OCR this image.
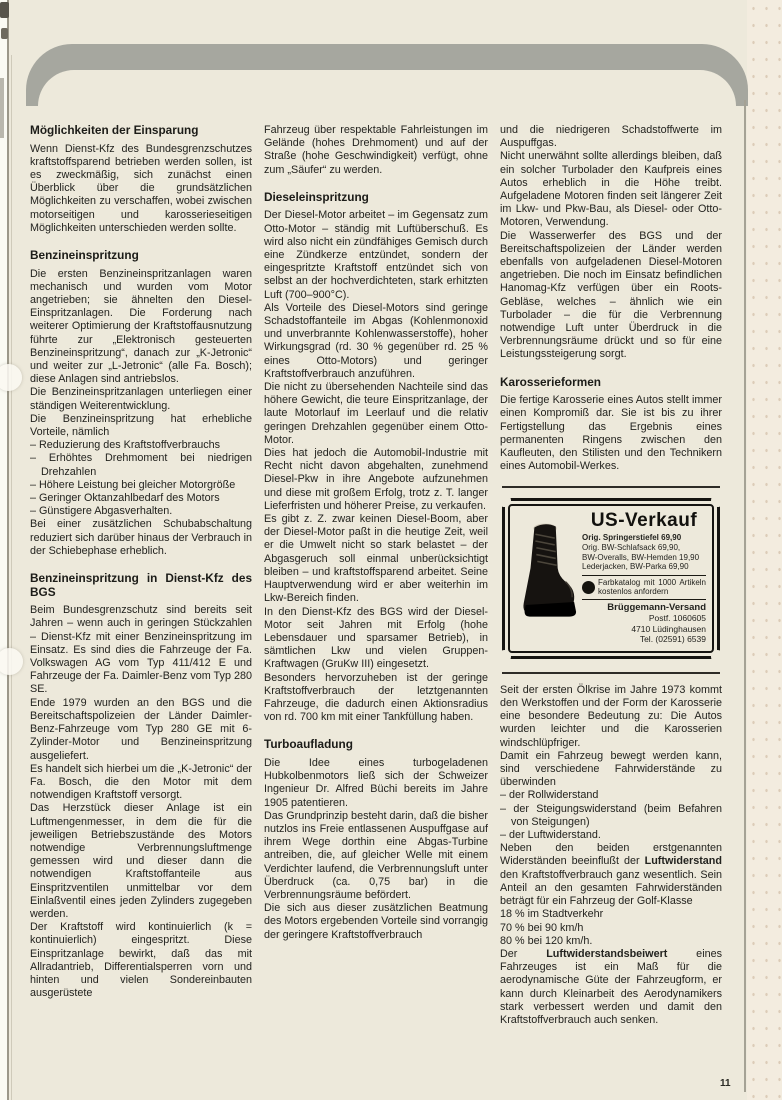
Möglichkeiten der Einsparung

Wenn Dienst-Kfz des Bundesgrenzschutzes kraftstoffsparend betrieben werden sollen, ist es zweckmäßig, sich zunächst einen Überblick über die grundsätzlichen Möglichkeiten zu verschaffen, wobei zwischen motorseitigen und karosserieseitigen Möglichkeiten unterschieden werden sollte.

Benzineinspritzung

Die ersten Benzineinspritzanlagen waren mechanisch und wurden vom Motor angetrieben; sie ähnelten den Diesel-Einspritzanlagen. Die Forderung nach weiterer Optimierung der Kraftstoffausnutzung führte zur „Elektronisch gesteuerten Benzineinspritzung“, danach zur „K-Jetronic“ und weiter zur „L-Jetronic“ (alle Fa. Bosch); diese Anlagen sind antriebslos.

Die Benzineinspritzanlagen unterliegen einer ständigen Weiterentwicklung.

Die Benzineinspritzung hat erhebliche Vorteile, nämlich

– Reduzierung des Kraftstoffverbrauchs

– Erhöhtes Drehmoment bei niedrigen Drehzahlen

– Höhere Leistung bei gleicher Motorgröße

– Geringer Oktanzahlbedarf des Motors

– Günstigere Abgasverhalten.

Bei einer zusätzlichen Schubabschaltung reduziert sich darüber hinaus der Verbrauch in der Schiebephase erheblich.

Benzineinspritzung in Dienst-Kfz des BGS

Beim Bundesgrenzschutz sind bereits seit Jahren – wenn auch in geringen Stückzahlen – Dienst-Kfz mit einer Benzineinspritzung im Einsatz. Es sind dies die Fahrzeuge der Fa. Volkswagen AG vom Typ 411/412 E und Fahrzeuge der Fa. Daimler-Benz vom Typ 280 SE.

Ende 1979 wurden an den BGS und die Bereitschaftspolizeien der Länder Daimler-Benz-Fahrzeuge vom Typ 280 GE mit 6-Zylinder-Motor und Benzineinspritzung ausgeliefert.

Es handelt sich hierbei um die „K-Jetronic“ der Fa. Bosch, die den Motor mit dem notwendigen Kraftstoff versorgt.

Das Herzstück dieser Anlage ist ein Luftmengenmesser, in dem die für die jeweiligen Betriebszustände des Motors notwendige Verbrennungsluftmenge gemessen wird und dieser dann die notwendigen Kraftstoffanteile aus Einspritzventilen unmittelbar vor dem Einlaßventil eines jeden Zylinders zugegeben werden.

Der Kraftstoff wird kontinuierlich (k = kontinuierlich) eingespritzt. Diese Einspritzanlage bewirkt, daß das mit Allradantrieb, Differentialsperren vorn und hinten und vielen Sondereinbauten ausgerüstete

Fahrzeug über respektable Fahrleistungen im Gelände (hohes Drehmoment) und auf der Straße (hohe Geschwindigkeit) verfügt, ohne zum „Säufer“ zu werden.

Dieseleinspritzung

Der Diesel-Motor arbeitet – im Gegensatz zum Otto-Motor – ständig mit Luftüberschuß. Es wird also nicht ein zündfähiges Gemisch durch eine Zündkerze entzündet, sondern der eingespritzte Kraftstoff entzündet sich von selbst an der hochverdichteten, stark erhitzten Luft (700–900°C).

Als Vorteile des Diesel-Motors sind geringe Schadstoffanteile im Abgas (Kohlenmonoxid und unverbrannte Kohlenwasserstoffe), hoher Wirkungsgrad (rd. 30 % gegenüber rd. 25 % eines Otto-Motors) und geringer Kraftstoffverbrauch anzuführen.

Die nicht zu übersehenden Nachteile sind das höhere Gewicht, die teure Einspritzanlage, der laute Motorlauf im Leerlauf und die relativ geringen Drehzahlen gegenüber einem Otto-Motor.

Dies hat jedoch die Automobil-Industrie mit Recht nicht davon abgehalten, zunehmend Diesel-Pkw in ihre Angebote aufzunehmen und diese mit großem Erfolg, trotz z. T. langer Lieferfristen und höherer Preise, zu verkaufen.

Es gibt z. Z. zwar keinen Diesel-Boom, aber der Diesel-Motor paßt in die heutige Zeit, weil er die Umwelt nicht so stark belastet – der Abgasgeruch soll einmal unberücksichtigt bleiben – und kraftstoffsparend arbeitet. Seine Hauptverwendung wird er aber weiterhin im Lkw-Bereich finden.

In den Dienst-Kfz des BGS wird der Diesel-Motor seit Jahren mit Erfolg (hohe Lebensdauer und sparsamer Betrieb), in sämtlichen Lkw und vielen Gruppen-Kraftwagen (GruKw III) eingesetzt.

Besonders hervorzuheben ist der geringe Kraftstoffverbrauch der letztgenannten Fahrzeuge, die dadurch einen Aktionsradius von rd. 700 km mit einer Tankfüllung haben.

Turboaufladung

Die Idee eines turbogeladenen Hubkolbenmotors ließ sich der Schweizer Ingenieur Dr. Alfred Büchi bereits im Jahre 1905 patentieren.

Das Grundprinzip besteht darin, daß die bisher nutzlos ins Freie entlassenen Auspuffgase auf ihrem Wege dorthin eine Abgas-Turbine antreiben, die, auf gleicher Welle mit einem Verdichter laufend, die Verbrennungsluft unter Überdruck (ca. 0,75 bar) in die Verbrennungsräume befördert.

Die sich aus dieser zusätzlichen Beatmung des Motors ergebenden Vorteile sind vorrangig der geringere Kraftstoffverbrauch

und die niedrigeren Schadstoffwerte im Auspuffgas.

Nicht unerwähnt sollte allerdings bleiben, daß ein solcher Turbolader den Kaufpreis eines Autos erheblich in die Höhe treibt. Aufgeladene Motoren finden seit längerer Zeit im Lkw- und Pkw-Bau, als Diesel- oder Otto-Motoren, Verwendung.

Die Wasserwerfer des BGS und der Bereitschaftspolizeien der Länder werden ebenfalls von aufgeladenen Diesel-Motoren angetrieben. Die noch im Einsatz befindlichen Hanomag-Kfz verfügen über ein Roots-Gebläse, welches – ähnlich wie ein Turbolader – die für die Verbrennung notwendige Luft unter Überdruck in die Verbrennungsräume drückt und so für eine Leistungssteigerung sorgt.

Karosserieformen

Die fertige Karosserie eines Autos stellt immer einen Kompromiß dar. Sie ist bis zu ihrer Fertigstellung das Ergebnis eines permanenten Ringens zwischen den Kaufleuten, den Stilisten und den Technikern eines Automobil-Werkes.

US-Verkauf
Orig. Springerstiefel 69,90
Orig. BW-Schlafsack 69,90,
BW-Overalls, BW-Hemden 19,90
Lederjacken, BW-Parka 69,90
Farbkatalog mit 1000 Artikeln kostenlos anfordern
Brüggemann-Versand
Postf. 1060605
4710 Lüdinghausen
Tel. (02591) 6539

Seit der ersten Ölkrise im Jahre 1973 kommt den Werkstoffen und der Form der Karosserie eine besondere Bedeutung zu: Die Autos wurden leichter und die Karosserien windschlüpfriger.

Damit ein Fahrzeug bewegt werden kann, sind verschiedene Fahrwiderstände zu überwinden

– der Rollwiderstand

– der Steigungswiderstand (beim Befahren von Steigungen)

– der Luftwiderstand.

Neben den beiden erstgenannten Widerständen beeinflußt der Luftwiderstand den Kraftstoffverbrauch ganz wesentlich. Sein Anteil an den gesamten Fahrwiderständen beträgt für ein Fahrzeug der Golf-Klasse

18 % im Stadtverkehr

70 % bei 90 km/h

80 % bei 120 km/h.

Der Luftwiderstandsbeiwert eines Fahrzeuges ist ein Maß für die aerodynamische Güte der Fahrzeugform, er kann durch Kleinarbeit des Aerodynamikers stark verbessert werden und damit den Kraftstoffverbrauch auch senken.

11
